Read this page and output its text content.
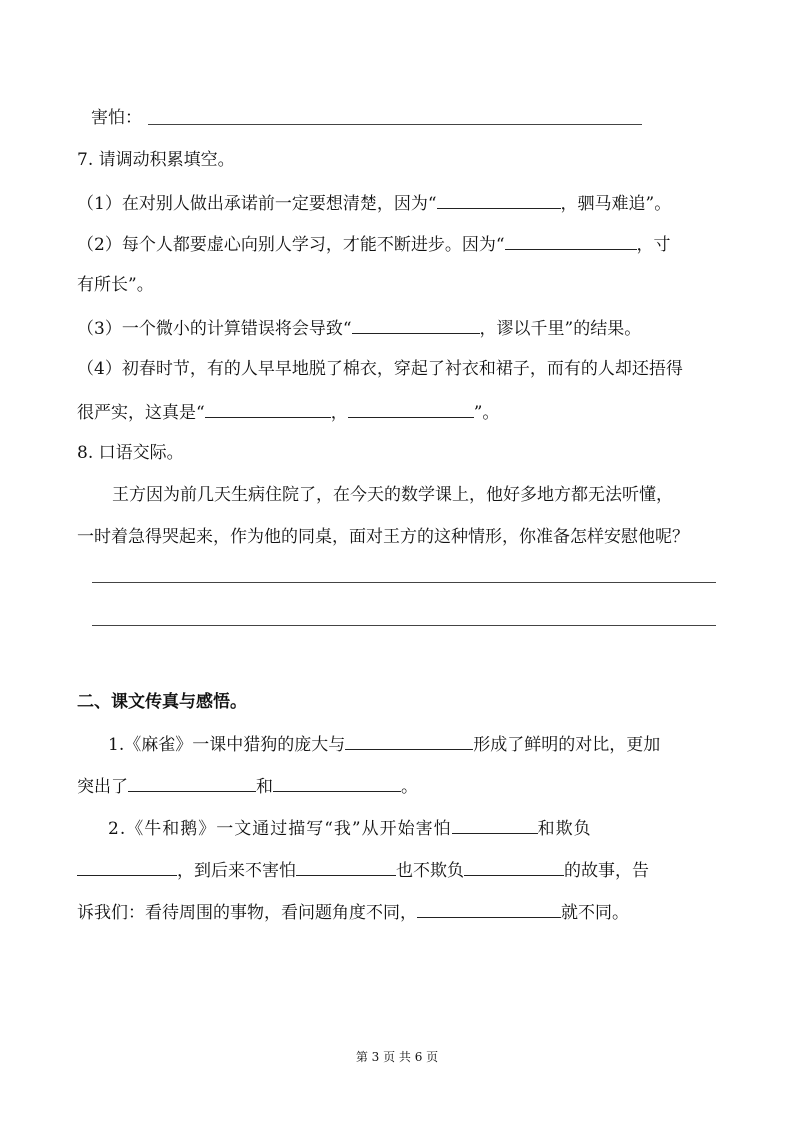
害怕：
7. 请调动积累填空。
（1）在对别人做出承诺前一定要想清楚，因为“	，驷马难追”。
（2）每个人都要虚心向别人学习，才能不断进步。因为“	，寸
有所长”。
（3）一个微小的计算错误将会导致“	，谬以千里”的结果。
（4）初春时节，有的人早早地脱了棉衣，穿起了衬衣和裙子，而有的人却还捂得
很严实，这真是“	，	”。
8. 口语交际。
王方因为前几天生病住院了，在今天的数学课上，他好多地方都无法听懂，
一时着急得哭起来，作为他的同桌，面对王方的这种情形，你准备怎样安慰他呢？
二、课文传真与感悟。
1.《麻雀》一课中猎狗的庞大与	形成了鲜明的对比，更加
突出了	和	。
2.《牛和鹅》一文通过描写“我”从开始害怕	和欺负
，到后来不害怕	也不欺负	的故事，告
诉我们：看待周围的事物，看问题角度不同，	就不同。
第 3 页 共 6 页
